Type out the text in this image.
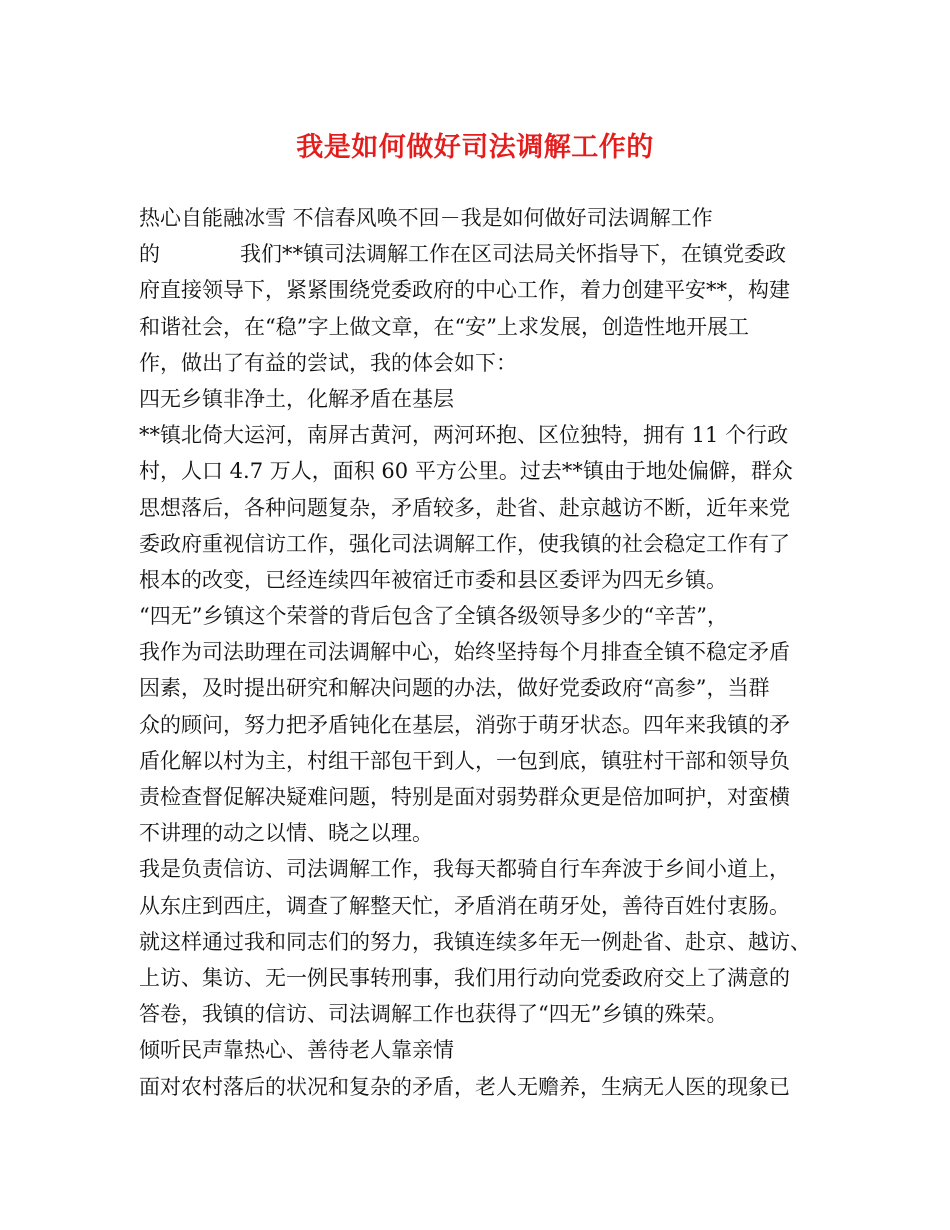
我是如何做好司法调解工作的
热心自能融冰雪 不信春风唤不回－我是如何做好司法调解工作
的	我们**镇司法调解工作在区司法局关怀指导下，在镇党委政
府直接领导下，紧紧围绕党委政府的中心工作，着力创建平安**，构建
和谐社会，在“稳”字上做文章，在“安”上求发展，创造性地开展工
作，做出了有益的尝试，我的体会如下：
四无乡镇非净土，化解矛盾在基层
**镇北倚大运河，南屏古黄河，两河环抱、区位独特，拥有 11 个行政
村，人口 4.7 万人，面积 60 平方公里。过去**镇由于地处偏僻，群众
思想落后，各种问题复杂，矛盾较多，赴省、赴京越访不断，近年来党
委政府重视信访工作，强化司法调解工作，使我镇的社会稳定工作有了
根本的改变，已经连续四年被宿迁市委和县区委评为四无乡镇。
“四无”乡镇这个荣誉的背后包含了全镇各级领导多少的“辛苦”，
我作为司法助理在司法调解中心，始终坚持每个月排查全镇不稳定矛盾
因素，及时提出研究和解决问题的办法，做好党委政府“高参”，当群
众的顾问，努力把矛盾钝化在基层，消弥于萌牙状态。四年来我镇的矛
盾化解以村为主，村组干部包干到人，一包到底，镇驻村干部和领导负
责检查督促解决疑难问题，特别是面对弱势群众更是倍加呵护，对蛮横
不讲理的动之以情、晓之以理。
我是负责信访、司法调解工作，我每天都骑自行车奔波于乡间小道上，
从东庄到西庄，调查了解整天忙，矛盾消在萌牙处，善待百姓付衷肠。
就这样通过我和同志们的努力，我镇连续多年无一例赴省、赴京、越访、
上访、集访、无一例民事转刑事，我们用行动向党委政府交上了满意的
答卷，我镇的信访、司法调解工作也获得了“四无”乡镇的殊荣。
倾听民声靠热心、善待老人靠亲情
面对农村落后的状况和复杂的矛盾，老人无赡养，生病无人医的现象已
